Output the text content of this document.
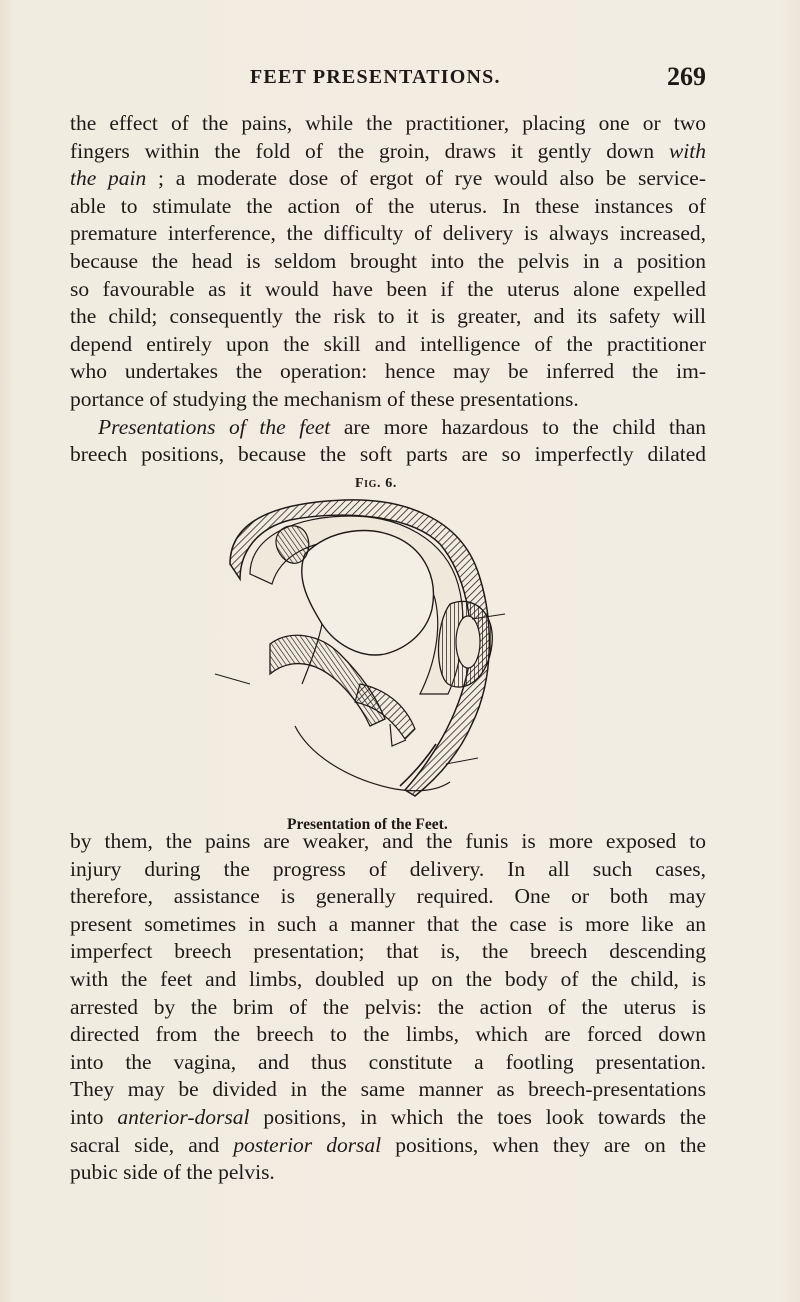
FEET PRESENTATIONS.	269
the effect of the pains, while the practitioner, placing one or two
fingers within the fold of the groin, draws it gently down with
the pain ; a moderate dose of ergot of rye would also be service-
able to stimulate the action of the uterus. In these instances of
premature interference, the difficulty of delivery is always increased,
because the head is seldom brought into the pelvis in a position
so favourable as it would have been if the uterus alone expelled
the child; consequently the risk to it is greater, and its safety will
depend entirely upon the skill and intelligence of the practitioner
who undertakes the operation: hence may be inferred the im-
portance of studying the mechanism of these presentations.
Presentations of the feet are more hazardous to the child than
breech positions, because the soft parts are so imperfectly dilated
Fig. 6.
Presentation of the Feet.
by them, the pains are weaker, and the funis is more exposed to
injury during the progress of delivery. In all such cases,
therefore, assistance is generally required. One or both may
present sometimes in such a manner that the case is more like an
imperfect breech presentation; that is, the breech descending
with the feet and limbs, doubled up on the body of the child, is
arrested by the brim of the pelvis: the action of the uterus is
directed from the breech to the limbs, which are forced down
into the vagina, and thus constitute a footling presentation.
They may be divided in the same manner as breech-presentations
into anterior-dorsal positions, in which the toes look towards the
sacral side, and posterior dorsal positions, when they are on the
pubic side of the pelvis.
